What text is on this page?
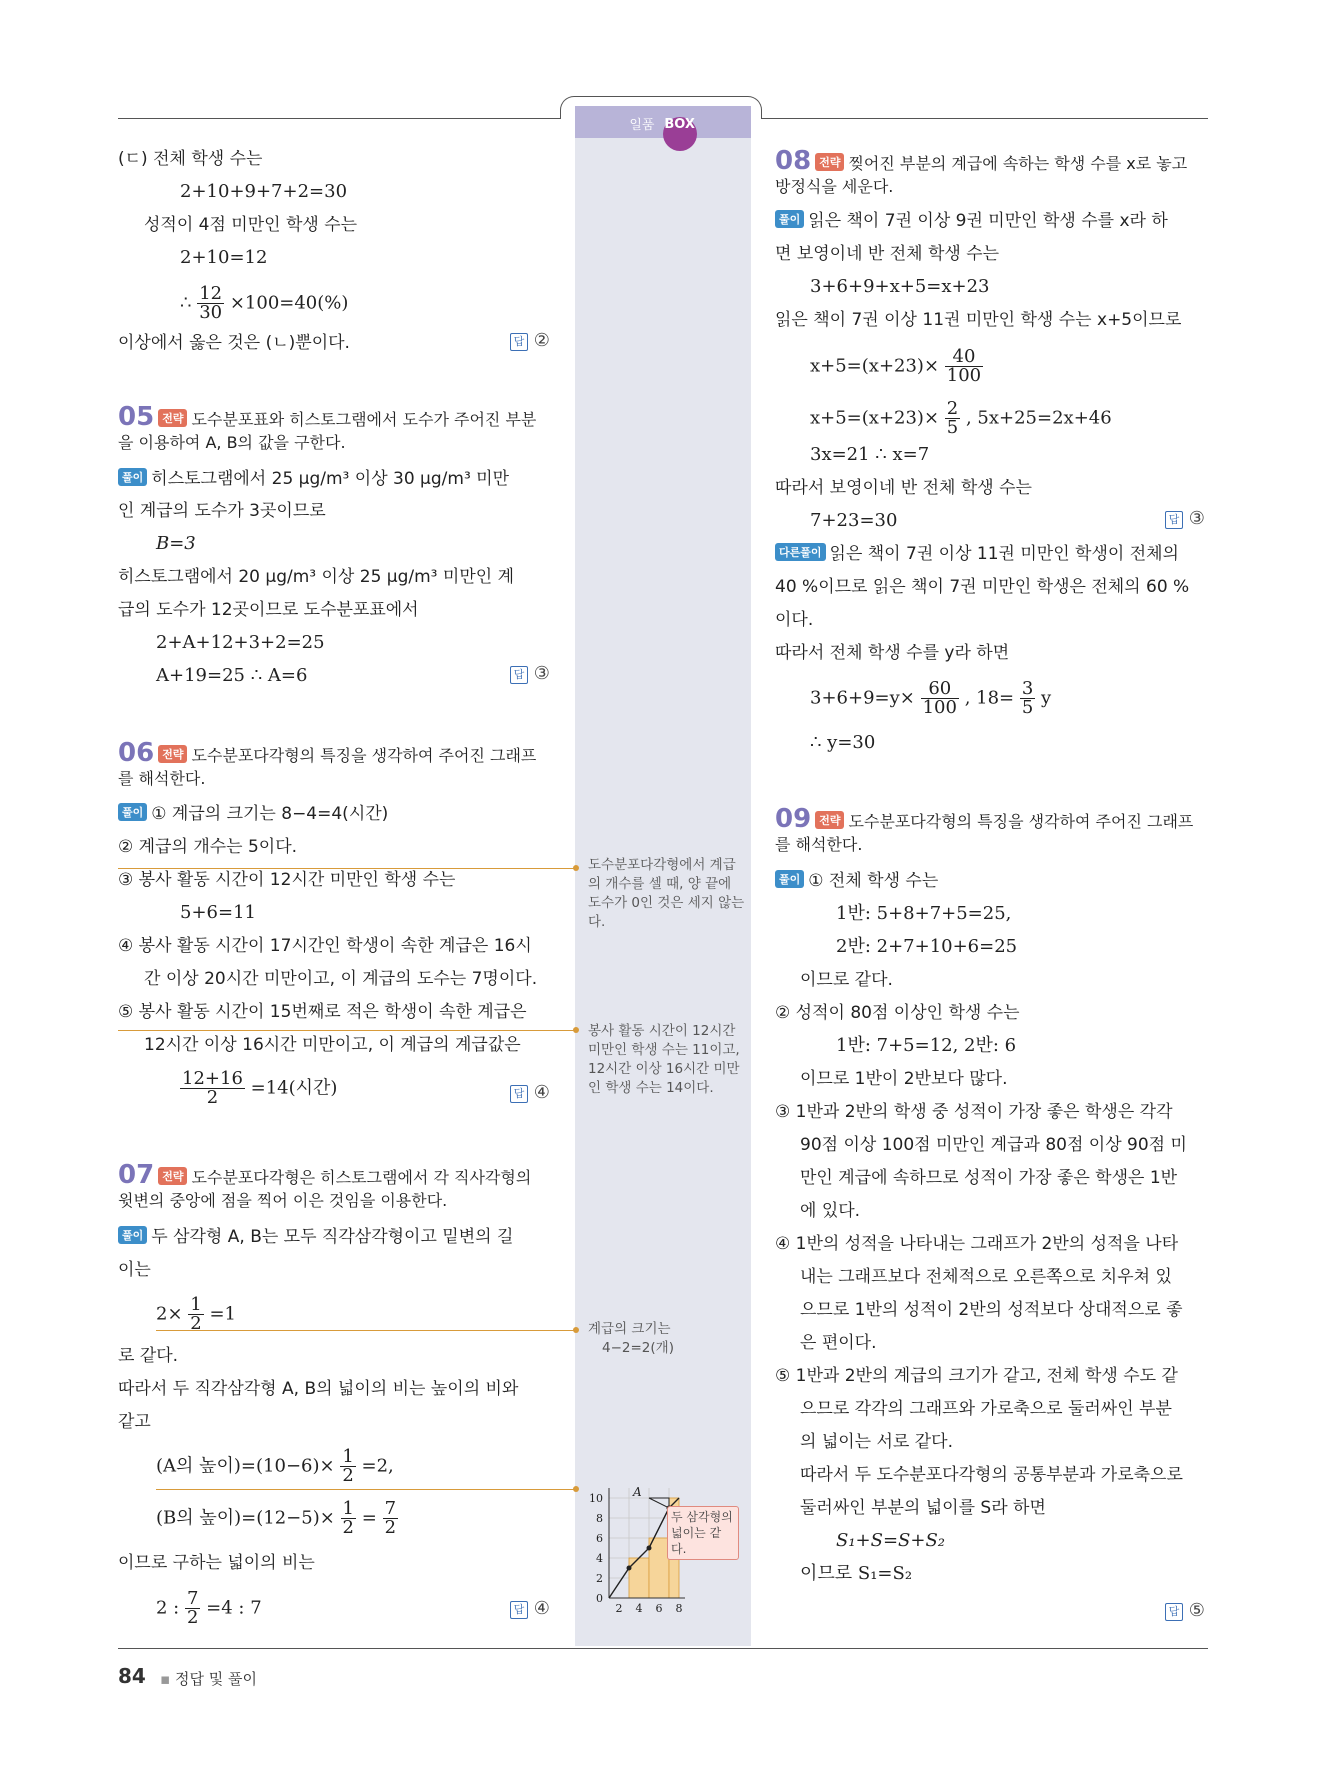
일품 BOX
(ㄷ) 전체 학생 수는
2+10+9+7+2=30
성적이 4점 미만인 학생 수는
2+10=12
∴ $\frac{12}{30} \times 100=40(\%)$
이상에서 옳은 것은 (ㄴ)뿐이다.	답 ②
05 전략 도수분포표와 히스토그램에서 도수가 주어진 부분
을 이용하여 A, B의 값을 구한다.
풀이 히스토그램에서 25 μg/m³ 이상 30 μg/m³ 미만
인 계급의 도수가 3곳이므로
B=3
히스토그램에서 20 μg/m³ 이상 25 μg/m³ 미만인 계
급의 도수가 12곳이므로 도수분포표에서
2+A+12+3+2=25
A+19=25 ∴ A=6	답 ③
06 전략 도수분포다각형의 특징을 생각하여 주어진 그래프
를 해석한다.
풀이 ① 계급의 크기는 8−4=4(시간)
② 계급의 개수는 5이다.
③ 봉사 활동 시간이 12시간 미만인 학생 수는
5+6=11
④ 봉사 활동 시간이 17시간인 학생이 속한 계급은 16시
간 이상 20시간 미만이고, 이 계급의 도수는 7명이다.
⑤ 봉사 활동 시간이 15번째로 적은 학생이 속한 계급은
12시간 이상 16시간 미만이고, 이 계급의 계급값은
$\frac{12+16}{2} =14$(시간)	답 ④
07 전략 도수분포다각형은 히스토그램에서 각 직사각형의
윗변의 중앙에 점을 찍어 이은 것임을 이용한다.
풀이 두 삼각형 A, B는 모두 직각삼각형이고 밑변의 길
이는
$2\times \frac{1}{2} =1$
로 같다.
따라서 두 직각삼각형 A, B의 넓이의 비는 높이의 비와
같고
(A의 높이)$=(10-6)\times \frac{1}{2} =2$,
(B의 높이)$=(12-5)\times \frac{1}{2} = \frac{7}{2}$
이므로 구하는 넓이의 비는
2 : $\frac{7}{2} =4$ : 7	답 ④
도수분포다각형에서 계급의 개수를 셀 때, 양 끝에 도수가 0인 것은 세지 않는다.
봉사 활동 시간이 12시간 미만인 학생 수는 11이고, 12시간 이상 16시간 미만인 학생 수는 14이다.
계급의 크기는
4−2=2(개)
A
10
8
6
4
2
0
2 4 6 8
두 삼각형의 넓이는 같다.
08 전략 찢어진 부분의 계급에 속하는 학생 수를 x로 놓고
방정식을 세운다.
풀이 읽은 책이 7권 이상 9권 미만인 학생 수를 x라 하
면 보영이네 반 전체 학생 수는
3+6+9+x+5=x+23
읽은 책이 7권 이상 11권 미만인 학생 수는 x+5이므로
$x+5=(x+23)\times \frac{40}{100}$
$x+5=(x+23)\times \frac{2}{5}$ , 5x+25=2x+46
3x=21 ∴ x=7
따라서 보영이네 반 전체 학생 수는
7+23=30	답 ③
다른풀이 읽은 책이 7권 이상 11권 미만인 학생이 전체의
40 %이므로 읽은 책이 7권 미만인 학생은 전체의 60 %
이다.
따라서 전체 학생 수를 y라 하면
$3+6+9=y\times \frac{60}{100}$ , $18= \frac{3}{5}$ y
∴ y=30
09 전략 도수분포다각형의 특징을 생각하여 주어진 그래프
를 해석한다.
풀이 ① 전체 학생 수는
1반: 5+8+7+5=25,
2반: 2+7+10+6=25
이므로 같다.
② 성적이 80점 이상인 학생 수는
1반: 7+5=12, 2반: 6
이므로 1반이 2반보다 많다.
③ 1반과 2반의 학생 중 성적이 가장 좋은 학생은 각각
90점 이상 100점 미만인 계급과 80점 이상 90점 미
만인 계급에 속하므로 성적이 가장 좋은 학생은 1반
에 있다.
④ 1반의 성적을 나타내는 그래프가 2반의 성적을 나타
내는 그래프보다 전체적으로 오른쪽으로 치우쳐 있
으므로 1반의 성적이 2반의 성적보다 상대적으로 좋
은 편이다.
⑤ 1반과 2반의 계급의 크기가 같고, 전체 학생 수도 같
으므로 각각의 그래프와 가로축으로 둘러싸인 부분
의 넓이는 서로 같다.
따라서 두 도수분포다각형의 공통부분과 가로축으로
둘러싸인 부분의 넓이를 S라 하면
S₁+S=S+S₂
이므로 S₁=S₂
답 ⑤
84 ▪ 정답 및 풀이
